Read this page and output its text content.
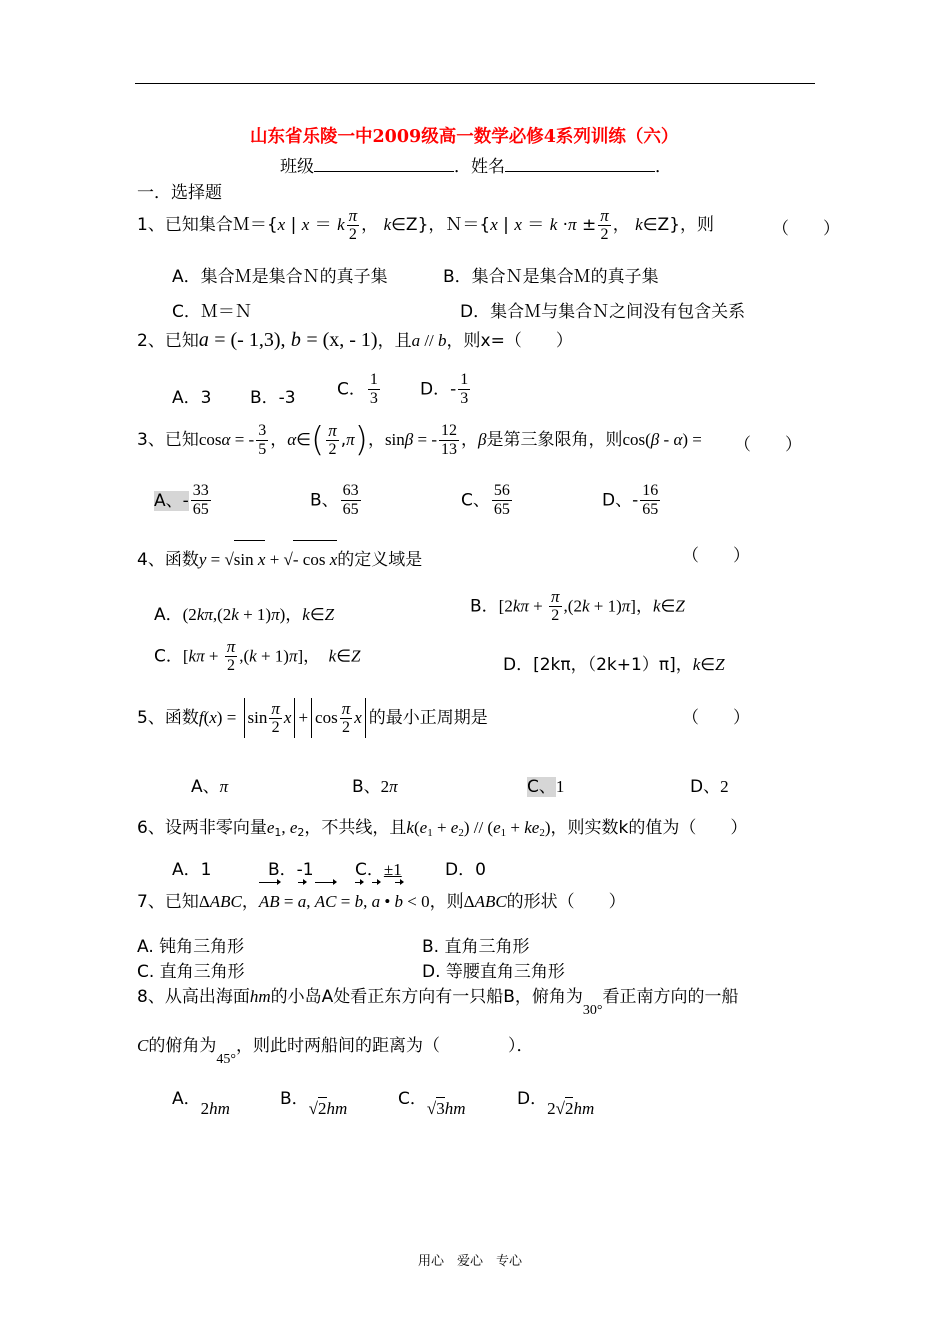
山东省乐陵一中2009级高一数学必修4系列训练（六）
班级	．姓名	．
一．选择题
1、已知集合Ｍ＝{x | x ＝ k $\frac{\pi}{2}$ ， k∈Z}，Ｎ＝{x | $x = k \cdot\pi \pm \frac{\pi}{2}$ ， k∈Z}，则	（　　）
A．集合Ｍ是集合Ｎ的真子集	B．集合Ｎ是集合Ｍ的真子集
C．Ｍ＝Ｎ	D．集合Ｍ与集合Ｎ之间没有包含关系
2、已知a = (- 1,3), b = (x, - 1)，且a // b，则x=（　　）
A．3 B．-3 C． $\frac{1}{3}$ D．- $\frac{1}{3}$
3、已知cosα = - $\frac{3}{5}$ ，α∈( $\frac{\pi}{2} ,\pi$)，sinβ = - $\frac{12}{13}$ ，β是第三象限角，则cos(β - α) = （　　）
A、- $\frac{33}{65}$	B、 $\frac{63}{65}$	C、 $\frac{56}{65}$	D、- $\frac{16}{65}$
4、函数y = √sin x + √- cos x的定义域是	（　　）
A．(2kπ,(2k + 1)π)，k∈Z	B．$[2k\pi + \frac{\pi}{2} ,(2k + 1)\pi]$，k∈Z
C．$[k\pi + \frac{\pi}{2} ,(k + 1)\pi]$，　k∈Z	D．[2kπ，（2k+1）π]，k∈Z
5、函数$f(x) = \sin \frac{\pi}{2}$ $x + \cos \frac{\pi}{2}$ x 的最小正周期是	（　　）
A、π	B、2π	C、1	D、2
6、设两非零向量$e_1$, $e_2$，不共线，且$k(e_1 + e_2) // (e_1 + ke_2)$，则实数k的值为（　　）
A．1	B．-1 C．±1	D．0
7、已知ΔABC，AB = a, AC = b, a • b < 0，则ΔABC的形状（　　）
A. 钝角三角形	B. 直角三角形
C. 直角三角形	D. 等腰直角三角形
8、从高出海面hm的小岛A处看正东方向有一只船B，俯角为$_{30^\circ}$看正南方向的一船
C的俯角为$_{45^\circ}$，则此时两船间的距离为（　　　　）．
A．2hm	B．√2hm	C．√3hm	D．2√2hm
用心　爱心　专心
